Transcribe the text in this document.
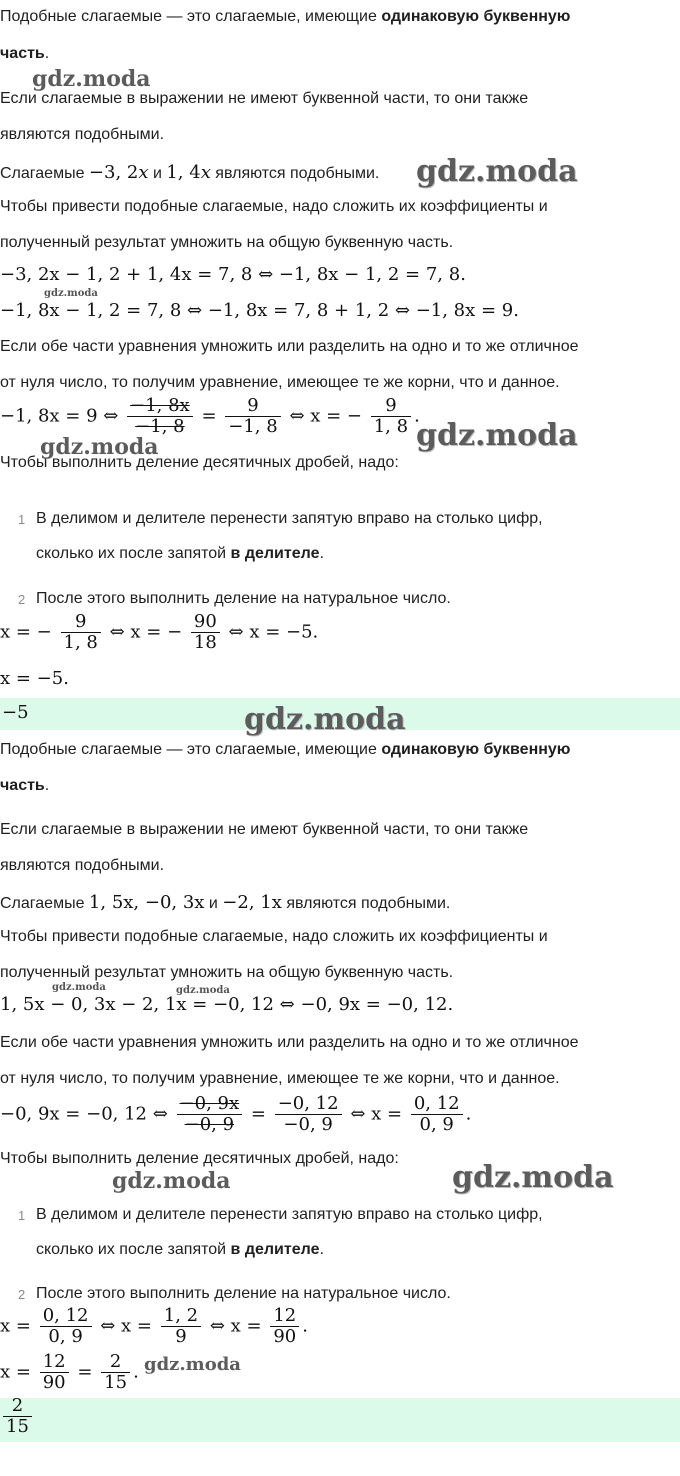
Подобные слагаемые — это слагаемые, имеющие одинаковую буквенную

часть.

Если слагаемые в выражении не имеют буквенной части, то они также

являются подобными.

Слагаемые −3, 2x и 1, 4x являются подобными.

Чтобы привести подобные слагаемые, надо сложить их коэффициенты и

полученный результат умножить на общую буквенную часть.

−3, 2x − 1, 2 + 1, 4x = 7, 8 ⇔ −1, 8x − 1, 2 = 7, 8.

−1, 8x − 1, 2 = 7, 8 ⇔ −1, 8x = 7, 8 + 1, 2 ⇔ −1, 8x = 9.

Если обе части уравнения умножить или разделить на одно и то же отличное

от нуля число, то получим уравнение, имеющее те же корни, что и данное.

−1, 8x = 9 ⇔ $\frac{-1, 8x}{-1, 8} = \frac{9}{-1, 8}$ ⇔ x = − $\frac{9}{1, 8}$ .

Чтобы выполнить деление десятичных дробей, надо:

1 В делимом и делителе перенести запятую вправо на столько цифр,
сколько их после запятой в делителе.
2 После этого выполнить деление на натуральное число.
x = − $\frac{9}{1, 8}$ ⇔ x = − $\frac{90}{18}$ ⇔ x = −5.

x = −5.

−5

Подобные слагаемые — это слагаемые, имеющие одинаковую буквенную

часть.

Если слагаемые в выражении не имеют буквенной части, то они также

являются подобными.

Слагаемые 1, 5x, −0, 3x и −2, 1x являются подобными.

Чтобы привести подобные слагаемые, надо сложить их коэффициенты и

полученный результат умножить на общую буквенную часть.

1, 5x − 0, 3x − 2, 1x = −0, 12 ⇔ −0, 9x = −0, 12.

Если обе части уравнения умножить или разделить на одно и то же отличное

от нуля число, то получим уравнение, имеющее те же корни, что и данное.

−0, 9x = −0, 12 ⇔ $\frac{-0, 9x}{-0, 9} = \frac{-0, 12}{-0, 9}$ ⇔ $x = \frac{0, 12}{0, 9}$ .

Чтобы выполнить деление десятичных дробей, надо:

1 В делимом и делителе перенести запятую вправо на столько цифр,
сколько их после запятой в делителе.
2 После этого выполнить деление на натуральное число.
$x = \frac{0, 12}{0, 9}$ ⇔ $x = \frac{1, 2}{9}$ ⇔ $x = \frac{12}{90}$ .
$x = \frac{12}{90} = \frac{2}{15}$ .
$\frac{2}{15}$
gdz.moda
gdz.moda
gdz.moda
gdz.moda	gdz.moda
gdz.moda
gdz.moda	gdz.moda
gdz.moda	gdz.moda
gdz.moda
